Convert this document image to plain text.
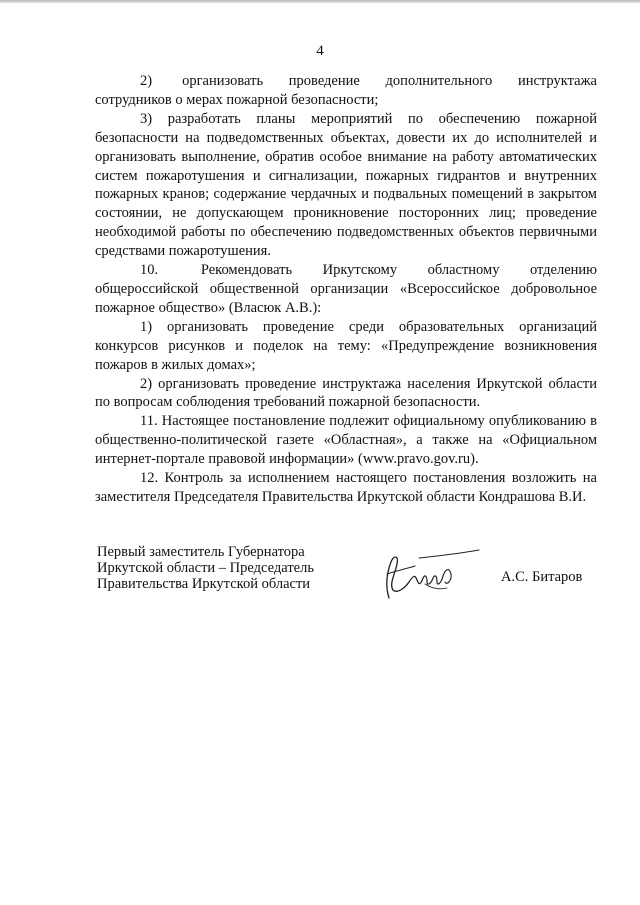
4

2)       организовать      проведение      дополнительного      инструктажа сотрудников о мерах пожарной безопасности;

3) разработать планы мероприятий по обеспечению пожарной безопасности на подведомственных объектах, довести их до исполнителей и организовать выполнение, обратив особое внимание на работу автоматических систем пожаротушения и сигнализации, пожарных гидрантов и внутренних пожарных кранов; содержание чердачных и подвальных помещений в закрытом состоянии, не допускающем проникновение посторонних лиц; проведение необходимой работы по обеспечению подведомственных объектов первичными средствами пожаротушения.

10.       Рекомендовать     Иркутскому     областному     отделению общероссийской общественной организации «Всероссийское добровольное пожарное общество» (Власюк А.В.):

1) организовать проведение среди образовательных организаций конкурсов рисунков и поделок на тему: «Предупреждение возникновения пожаров в жилых домах»;

2) организовать проведение инструктажа населения Иркутской области по вопросам соблюдения требований пожарной безопасности.

11. Настоящее постановление подлежит официальному опубликованию в общественно-политической газете «Областная», а также на «Официальном интернет-портале правовой информации» (www.pravo.gov.ru).

12. Контроль за исполнением настоящего постановления возложить на заместителя Председателя Правительства Иркутской области Кондрашова В.И.

Первый заместитель Губернатора
Иркутской области – Председатель
Правительства Иркутской области	А.С. Битаров
